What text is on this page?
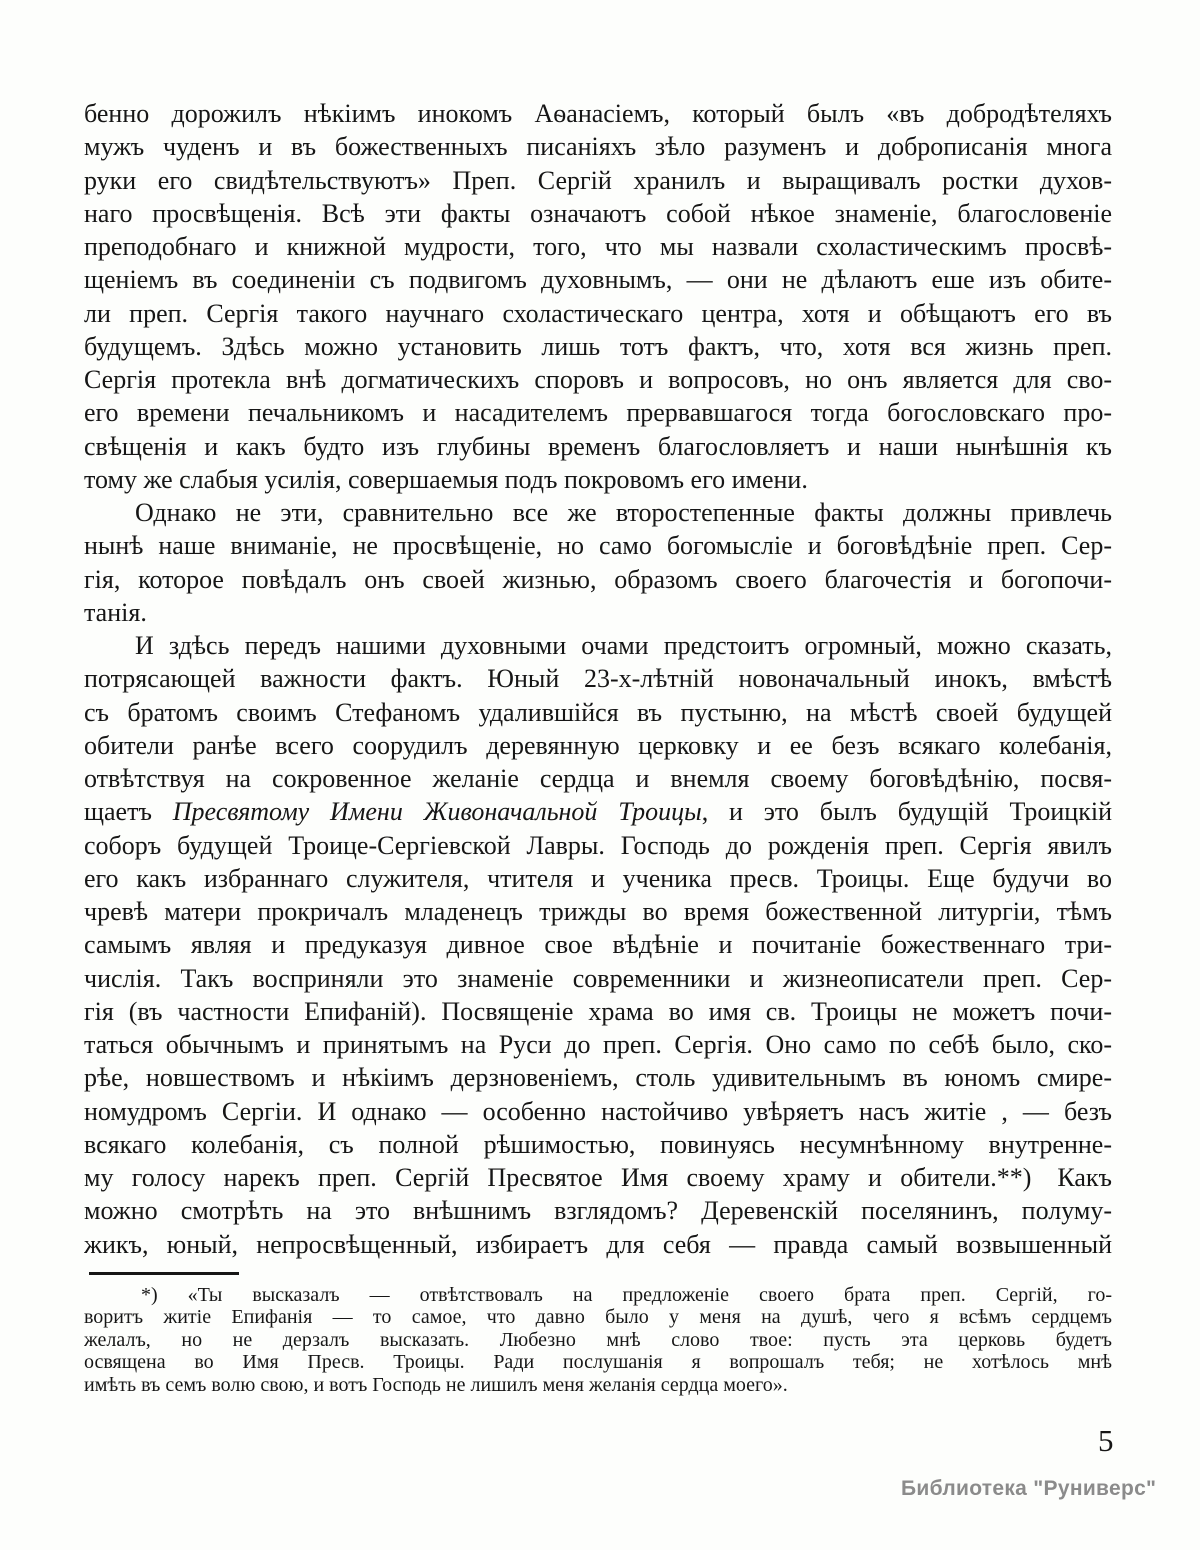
бенно дорожилъ нѣкіимъ инокомъ Аѳанасіемъ, который былъ «въ добродѣтеляхъ
мужъ чуденъ и въ божественныхъ писаніяхъ зѣло разуменъ и доброписанія многа
руки его свидѣтельствуютъ» Преп. Сергій хранилъ и выращивалъ ростки духов-
наго просвѣщенія. Всѣ эти факты означаютъ собой нѣкое знаменіе, благословеніе
преподобнаго и книжной мудрости, того, что мы назвали схоластическимъ просвѣ-
щеніемъ въ соединеніи съ подвигомъ духовнымъ, — они не дѣлаютъ еше изъ обите-
ли преп. Сергія такого научнаго схоластическаго центра, хотя и обѣщаютъ его въ
будущемъ. Здѣсь можно установить лишь тотъ фактъ, что, хотя вся жизнь преп.
Сергія протекла внѣ догматическихъ споровъ и вопросовъ, но онъ является для сво-
его времени печальникомъ и насадителемъ прервавшагося тогда богословскаго про-
свѣщенія и какъ будто изъ глубины временъ благословляетъ и наши нынѣшнія къ
тому же слабыя усилія, совершаемыя подъ покровомъ его имени.
Однако не эти, сравнительно все же второстепенные факты должны привлечь
нынѣ наше вниманіе, не просвѣщеніе, но само богомысліе и боговѣдѣніе преп. Сер-
гія, которое повѣдалъ онъ своей жизнью, образомъ своего благочестія и богопочи-
танія.
И здѣсь передъ нашими духовными очами предстоитъ огромный, можно сказать,
потрясающей важности фактъ. Юный 23-х-лѣтній новоначальный инокъ, вмѣстѣ
съ братомъ своимъ Стефаномъ удалившійся въ пустыню, на мѣстѣ своей будущей
обители ранѣе всего соорудилъ деревянную церковку и ее безъ всякаго колебанія,
отвѣтствуя на сокровенное желаніе сердца и внемля своему боговѣдѣнію, посвя-
щаетъ Пресвятому Имени Живоначальной Троицы, и это былъ будущій Троицкій
соборъ будущей Троице-Сергіевской Лавры. Господь до рожденія преп. Сергія явилъ
его какъ избраннаго служителя, чтителя и ученика пресв. Троицы. Еще будучи во
чревѣ матери прокричалъ младенецъ трижды во время божественной литургіи, тѣмъ
самымъ являя и предуказуя дивное свое вѣдѣніе и почитаніе божественнаго три-
числія. Такъ восприняли это знаменіе современники и жизнеописатели преп. Сер-
гія (въ частности Епифаній). Посвященіе храма во имя св. Троицы не можетъ почи-
таться обычнымъ и принятымъ на Руси до преп. Сергія. Оно само по себѣ было, ско-
рѣе, новшествомъ и нѣкіимъ дерзновеніемъ, столь удивительнымъ въ юномъ смире-
номудромъ Сергіи. И однако — особенно настойчиво увѣряетъ насъ житіе , — безъ
всякаго колебанія, съ полной рѣшимостью, повинуясь несумнѣнному внутренне-
му голосу нарекъ преп. Сергій Пресвятое Имя своему храму и обители.**) Какъ
можно смотрѣть на это внѣшнимъ взглядомъ? Деревенскій поселянинъ, полуму-
жикъ, юный, непросвѣщенный, избираетъ для себя — правда самый возвышенный
*) «Ты высказалъ — отвѣтствовалъ на предложеніе своего брата преп. Сергій, го-
воритъ житіе Епифанія — то самое, что давно было у меня на душѣ, чего я всѣмъ сердцемъ
желалъ, но не дерзалъ высказать. Любезно мнѣ слово твое: пусть эта церковь будетъ
освящена во Имя Пресв. Троицы. Ради послушанія я вопрошалъ тебя; не хотѣлось мнѣ
имѣть въ семъ волю свою, и вотъ Господь не лишилъ меня желанія сердца моего».
5
Библиотека "Руниверс"
